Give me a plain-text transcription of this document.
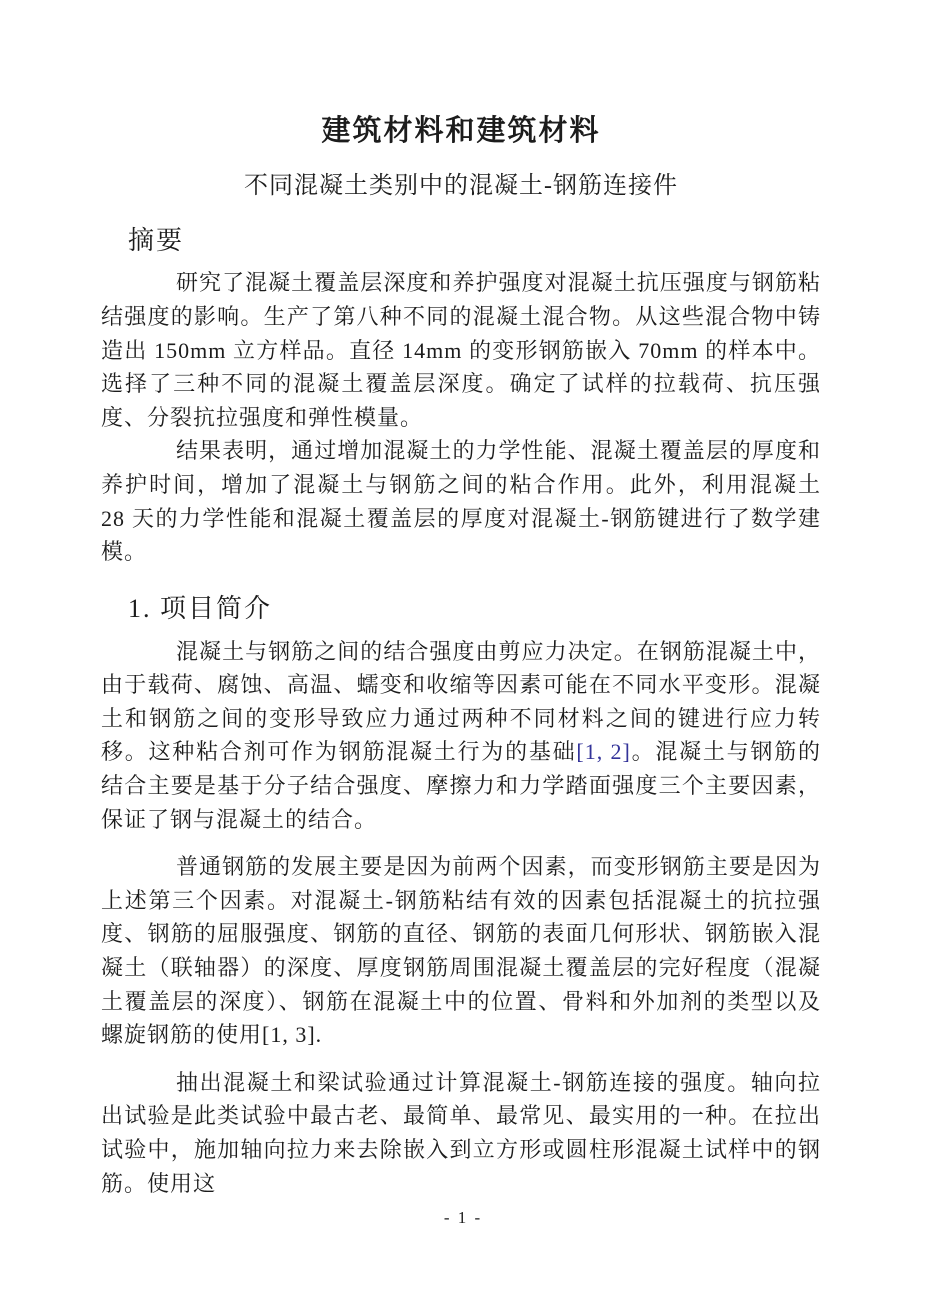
建筑材料和建筑材料
不同混凝土类别中的混凝土-钢筋连接件
摘要

研究了混凝土覆盖层深度和养护强度对混凝土抗压强度与钢筋粘结强度的影响。生产了第八种不同的混凝土混合物。从这些混合物中铸造出 150mm 立方样品。直径 14mm 的变形钢筋嵌入 70mm 的样本中。选择了三种不同的混凝土覆盖层深度。确定了试样的拉载荷、抗压强度、分裂抗拉强度和弹性模量。

结果表明，通过增加混凝土的力学性能、混凝土覆盖层的厚度和养护时间，增加了混凝土与钢筋之间的粘合作用。此外，利用混凝土 28 天的力学性能和混凝土覆盖层的厚度对混凝土-钢筋键进行了数学建模。

1. 项目简介

混凝土与钢筋之间的结合强度由剪应力决定。在钢筋混凝土中，由于载荷、腐蚀、高温、蠕变和收缩等因素可能在不同水平变形。混凝土和钢筋之间的变形导致应力通过两种不同材料之间的键进行应力转移。这种粘合剂可作为钢筋混凝土行为的基础[1, 2]。混凝土与钢筋的结合主要是基于分子结合强度、摩擦力和力学踏面强度三个主要因素，保证了钢与混凝土的结合。

普通钢筋的发展主要是因为前两个因素，而变形钢筋主要是因为上述第三个因素。对混凝土-钢筋粘结有效的因素包括混凝土的抗拉强度、钢筋的屈服强度、钢筋的直径、钢筋的表面几何形状、钢筋嵌入混凝土（联轴器）的深度、厚度钢筋周围混凝土覆盖层的完好程度（混凝土覆盖层的深度）、钢筋在混凝土中的位置、骨料和外加剂的类型以及螺旋钢筋的使用[1, 3].

抽出混凝土和梁试验通过计算混凝土-钢筋连接的强度。轴向拉出试验是此类试验中最古老、最简单、最常见、最实用的一种。在拉出试验中，施加轴向拉力来去除嵌入到立方形或圆柱形混凝土试样中的钢筋。使用这

- 1 -
